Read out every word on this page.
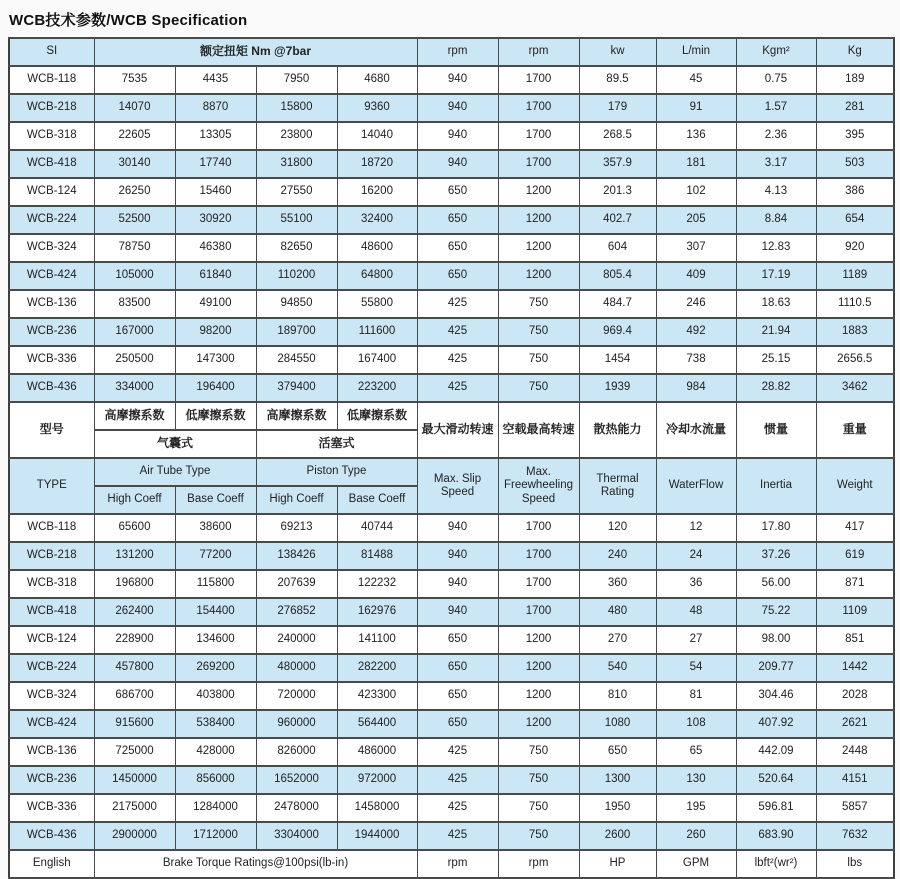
WCB技术参数/WCB Specification
SI	额定扭矩 Nm @7bar				rpm	rpm	kw	L/min	Kgm²	Kg
WCB-118	7535	4435	7950	4680	940	1700	89.5	45	0.75	189
WCB-218	14070	8870	15800	9360	940	1700	179	91	1.57	281
WCB-318	22605	13305	23800	14040	940	1700	268.5	136	2.36	395
WCB-418	30140	17740	31800	18720	940	1700	357.9	181	3.17	503
WCB-124	26250	15460	27550	16200	650	1200	201.3	102	4.13	386
WCB-224	52500	30920	55100	32400	650	1200	402.7	205	8.84	654
WCB-324	78750	46380	82650	48600	650	1200	604	307	12.83	920
WCB-424	105000	61840	110200	64800	650	1200	805.4	409	17.19	1189
WCB-136	83500	49100	94850	55800	425	750	484.7	246	18.63	1110.5
WCB-236	167000	98200	189700	111600	425	750	969.4	492	21.94	1883
WCB-336	250500	147300	284550	167400	425	750	1454	738	25.15	2656.5
WCB-436	334000	196400	379400	223200	425	750	1939	984	28.82	3462
型号	高摩擦系数	低摩擦系数	高摩擦系数	低摩擦系数	最大滑动转速	空载最高转速	散热能力	冷却水流量	惯量	重量
	气囊式		活塞式							
TYPE	Air Tube Type		Piston Type		Max. Slip Speed	Max. Freewheeling Speed	Thermal Rating	WaterFlow	Inertia	Weight
	High Coeff	Base Coeff	High Coeff	Base Coeff						
WCB-118	65600	38600	69213	40744	940	1700	120	12	17.80	417
WCB-218	131200	77200	138426	81488	940	1700	240	24	37.26	619
WCB-318	196800	115800	207639	122232	940	1700	360	36	56.00	871
WCB-418	262400	154400	276852	162976	940	1700	480	48	75.22	1109
WCB-124	228900	134600	240000	141100	650	1200	270	27	98.00	851
WCB-224	457800	269200	480000	282200	650	1200	540	54	209.77	1442
WCB-324	686700	403800	720000	423300	650	1200	810	81	304.46	2028
WCB-424	915600	538400	960000	564400	650	1200	1080	108	407.92	2621
WCB-136	725000	428000	826000	486000	425	750	650	65	442.09	2448
WCB-236	1450000	856000	1652000	972000	425	750	1300	130	520.64	4151
WCB-336	2175000	1284000	2478000	1458000	425	750	1950	195	596.81	5857
WCB-436	2900000	1712000	3304000	1944000	425	750	2600	260	683.90	7632
English	Brake Torque Ratings@100psi(lb-in)				rpm	rpm	HP	GPM	lbft²(wr²)	lbs
